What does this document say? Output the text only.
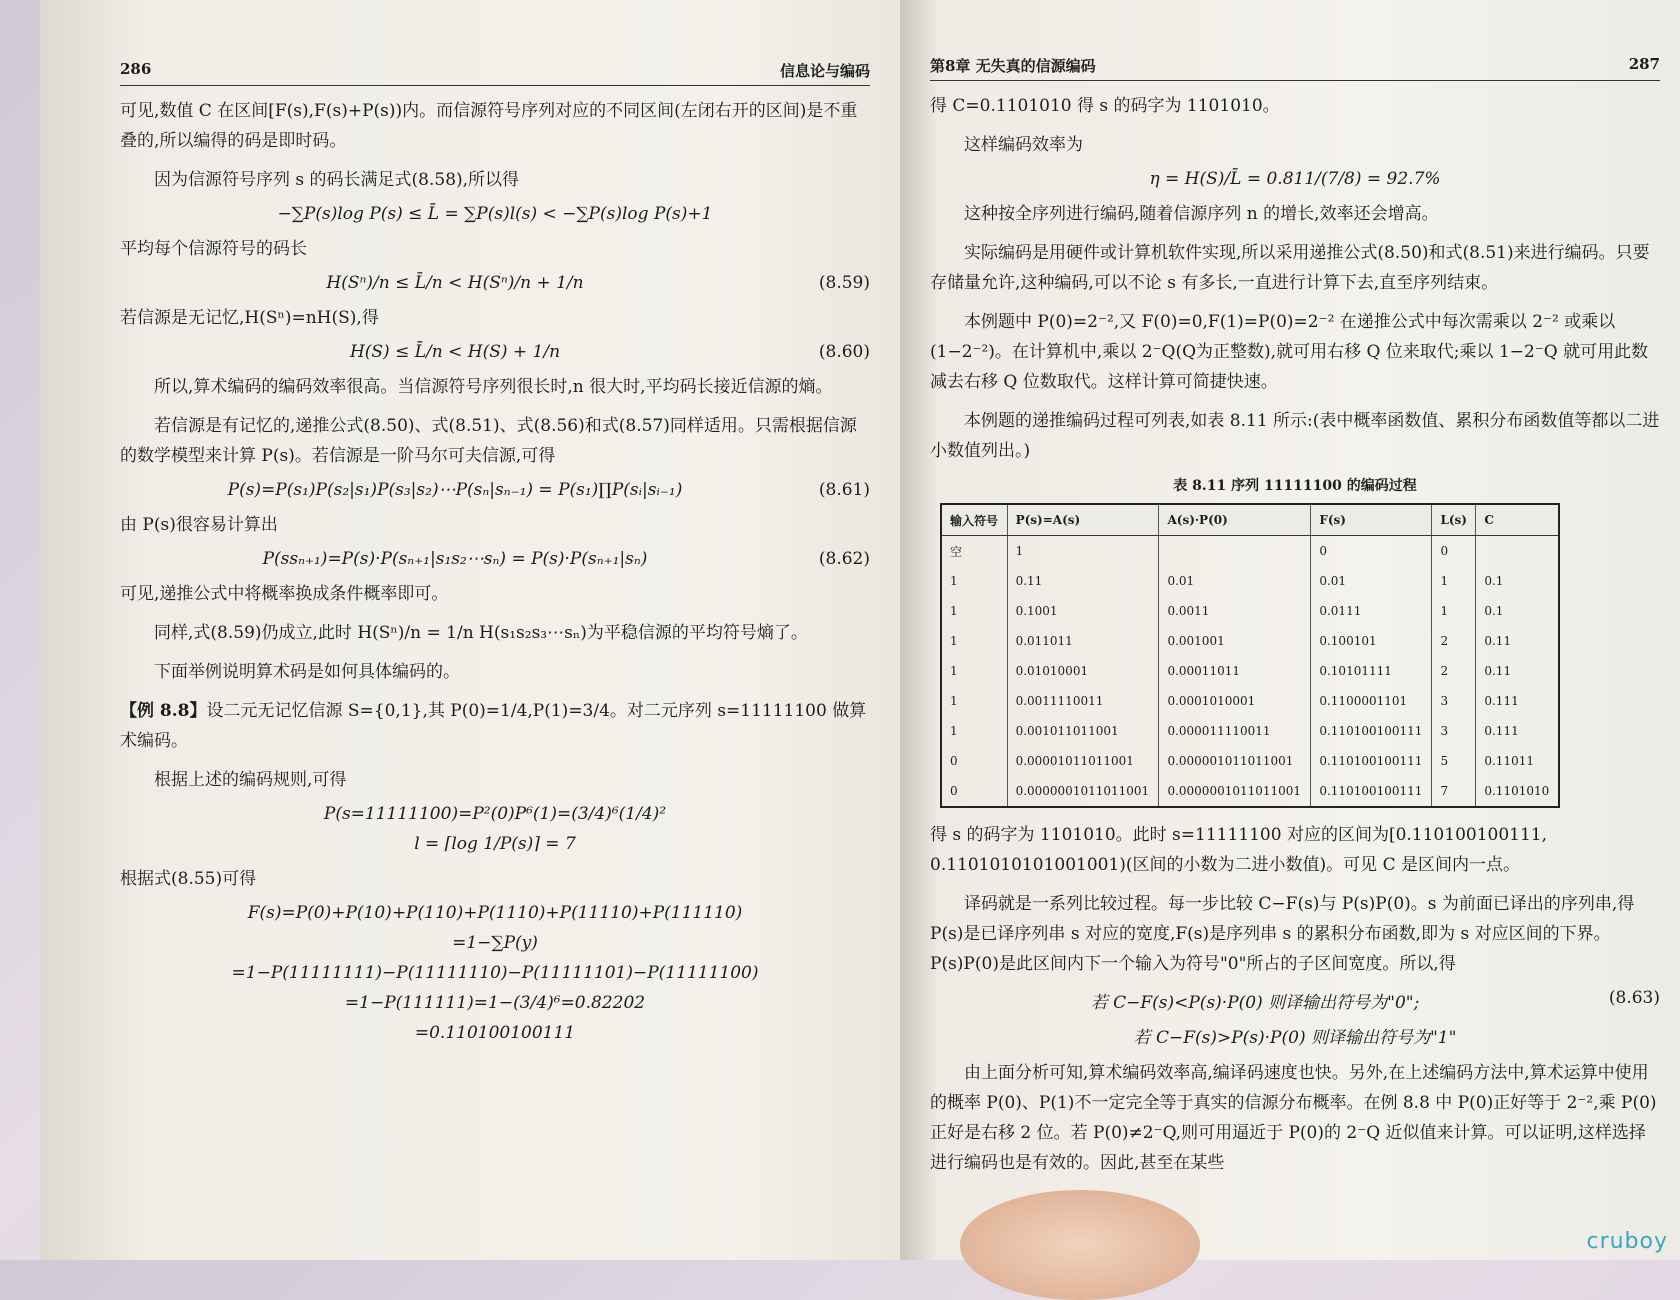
286	信息论与编码

可见,数值 C 在区间[F(s),F(s)+P(s))内。而信源符号序列对应的不同区间(左闭右开的区间)是不重叠的,所以编得的码是即时码。

因为信源符号序列 s 的码长满足式(8.58),所以得

−∑P(s)log P(s) ≤ L̄ = ∑P(s)l(s) < −∑P(s)log P(s)+1

平均每个信源符号的码长

H(Sⁿ)/n ≤ L̄/n < H(Sⁿ)/n + 1/n	(8.59)

若信源是无记忆,H(Sⁿ)=nH(S),得

H(S) ≤ L̄/n < H(S) + 1/n	(8.60)

所以,算术编码的编码效率很高。当信源符号序列很长时,n 很大时,平均码长接近信源的熵。

若信源是有记忆的,递推公式(8.50)、式(8.51)、式(8.56)和式(8.57)同样适用。只需根据信源的数学模型来计算 P(s)。若信源是一阶马尔可夫信源,可得

P(s)=P(s₁)P(s₂|s₁)P(s₃|s₂)⋯P(sₙ|sₙ₋₁) = P(s₁)∏P(sᵢ|sᵢ₋₁)	(8.61)

由 P(s)很容易计算出

P(ssₙ₊₁)=P(s)·P(sₙ₊₁|s₁s₂⋯sₙ) = P(s)·P(sₙ₊₁|sₙ)	(8.62)

可见,递推公式中将概率换成条件概率即可。

同样,式(8.59)仍成立,此时 H(Sⁿ)/n = 1/n H(s₁s₂s₃⋯sₙ)为平稳信源的平均符号熵了。

下面举例说明算术码是如何具体编码的。

【例 8.8】设二元无记忆信源 S={0,1},其 P(0)=1/4,P(1)=3/4。对二元序列 s=11111100 做算术编码。

根据上述的编码规则,可得

P(s=11111100)=P²(0)P⁶(1)=(3/4)⁶(1/4)²
l = ⌈log 1/P(s)⌉ = 7

根据式(8.55)可得

F(s)=P(0)+P(10)+P(110)+P(1110)+P(11110)+P(111110)
=1−∑P(y)
=1−P(11111111)−P(11111110)−P(11111101)−P(11111100)
=1−P(111111)=1−(3/4)⁶=0.82202
=0.110100100111
第8章 无失真的信源编码	287

得 C=0.1101010 得 s 的码字为 1101010。

这样编码效率为

η = H(S)/L̄ = 0.811/(7/8) = 92.7%

这种按全序列进行编码,随着信源序列 n 的增长,效率还会增高。

实际编码是用硬件或计算机软件实现,所以采用递推公式(8.50)和式(8.51)来进行编码。只要存储量允许,这种编码,可以不论 s 有多长,一直进行计算下去,直至序列结束。

本例题中 P(0)=2⁻²,又 F(0)=0,F(1)=P(0)=2⁻² 在递推公式中每次需乘以 2⁻² 或乘以(1−2⁻²)。在计算机中,乘以 2⁻Q(Q为正整数),就可用右移 Q 位来取代;乘以 1−2⁻Q 就可用此数减去右移 Q 位数取代。这样计算可简捷快速。

本例题的递推编码过程可列表,如表 8.11 所示:(表中概率函数值、累积分布函数值等都以二进小数值列出。)

表 8.11 序列 11111100 的编码过程
输入符号	P(s)=A(s)	A(s)·P(0)	F(s)	L(s)	C
空	1		0	0	
1	0.11	0.01	0.01	1	0.1
1	0.1001	0.0011	0.0111	1	0.1
1	0.011011	0.001001	0.100101	2	0.11
1	0.01010001	0.00011011	0.10101111	2	0.11
1	0.0011110011	0.0001010001	0.1100001101	3	0.111
1	0.001011011001	0.000011110011	0.110100100111	3	0.111
0	0.00001011011001	0.000001011011001	0.110100100111	5	0.11011
0	0.0000001011011001	0.0000001011011001	0.110100100111	7	0.1101010

得 s 的码字为 1101010。此时 s=11111100 对应的区间为[0.110100100111, 0.1101010101001001)(区间的小数为二进小数值)。可见 C 是区间内一点。

译码就是一系列比较过程。每一步比较 C−F(s)与 P(s)P(0)。s 为前面已译出的序列串,得 P(s)是已译序列串 s 对应的宽度,F(s)是序列串 s 的累积分布函数,即为 s 对应区间的下界。P(s)P(0)是此区间内下一个输入为符号"0"所占的子区间宽度。所以,得

若 C−F(s)<P(s)·P(0) 则译输出符号为"0";	(8.63)
若 C−F(s)>P(s)·P(0) 则译输出符号为"1"

由上面分析可知,算术编码效率高,编译码速度也快。另外,在上述编码方法中,算术运算中使用的概率 P(0)、P(1)不一定完全等于真实的信源分布概率。在例 8.8 中 P(0)正好等于 2⁻²,乘 P(0)正好是右移 2 位。若 P(0)≠2⁻Q,则可用逼近于 P(0)的 2⁻Q 近似值来计算。可以证明,这样选择进行编码也是有效的。因此,甚至在某些

cruboy
